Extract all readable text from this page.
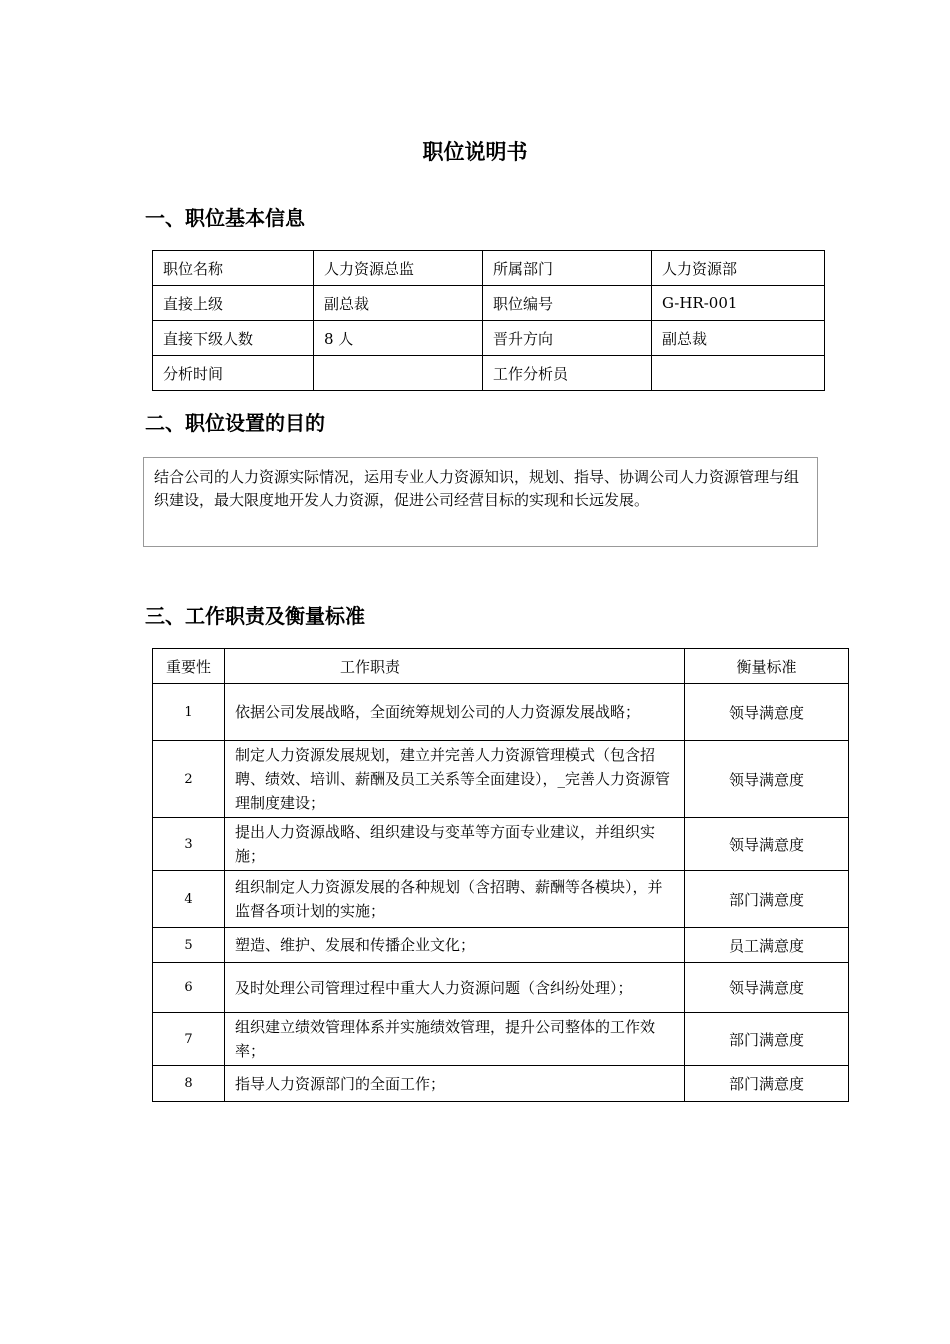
职位说明书
一、职位基本信息
职位名称	人力资源总监	所属部门	人力资源部
直接上级	副总裁	职位编号	G-HR-001
直接下级人数	8 人	晋升方向	副总裁
分析时间		工作分析员	
二、职位设置的目的
结合公司的人力资源实际情况，运用专业人力资源知识，规划、指导、协调公司人力资源管理与组织建设，最大限度地开发人力资源，促进公司经营目标的实现和长远发展。
三、工作职责及衡量标准
重要性	工作职责	衡量标准
1	依据公司发展战略，全面统筹规划公司的人力资源发展战略；	领导满意度
2	制定人力资源发展规划，建立并完善人力资源管理模式（包含招聘、绩效、培训、薪酬及员工关系等全面建设），_完善人力资源管理制度建设；	领导满意度
3	提出人力资源战略、组织建设与变革等方面专业建议，并组织实施；	领导满意度
4	组织制定人力资源发展的各种规划（含招聘、薪酬等各模块），并监督各项计划的实施；	部门满意度
5	塑造、维护、发展和传播企业文化；	员工满意度
6	及时处理公司管理过程中重大人力资源问题（含纠纷处理）；	领导满意度
7	组织建立绩效管理体系并实施绩效管理，提升公司整体的工作效率；	部门满意度
8	指导人力资源部门的全面工作；	部门满意度
